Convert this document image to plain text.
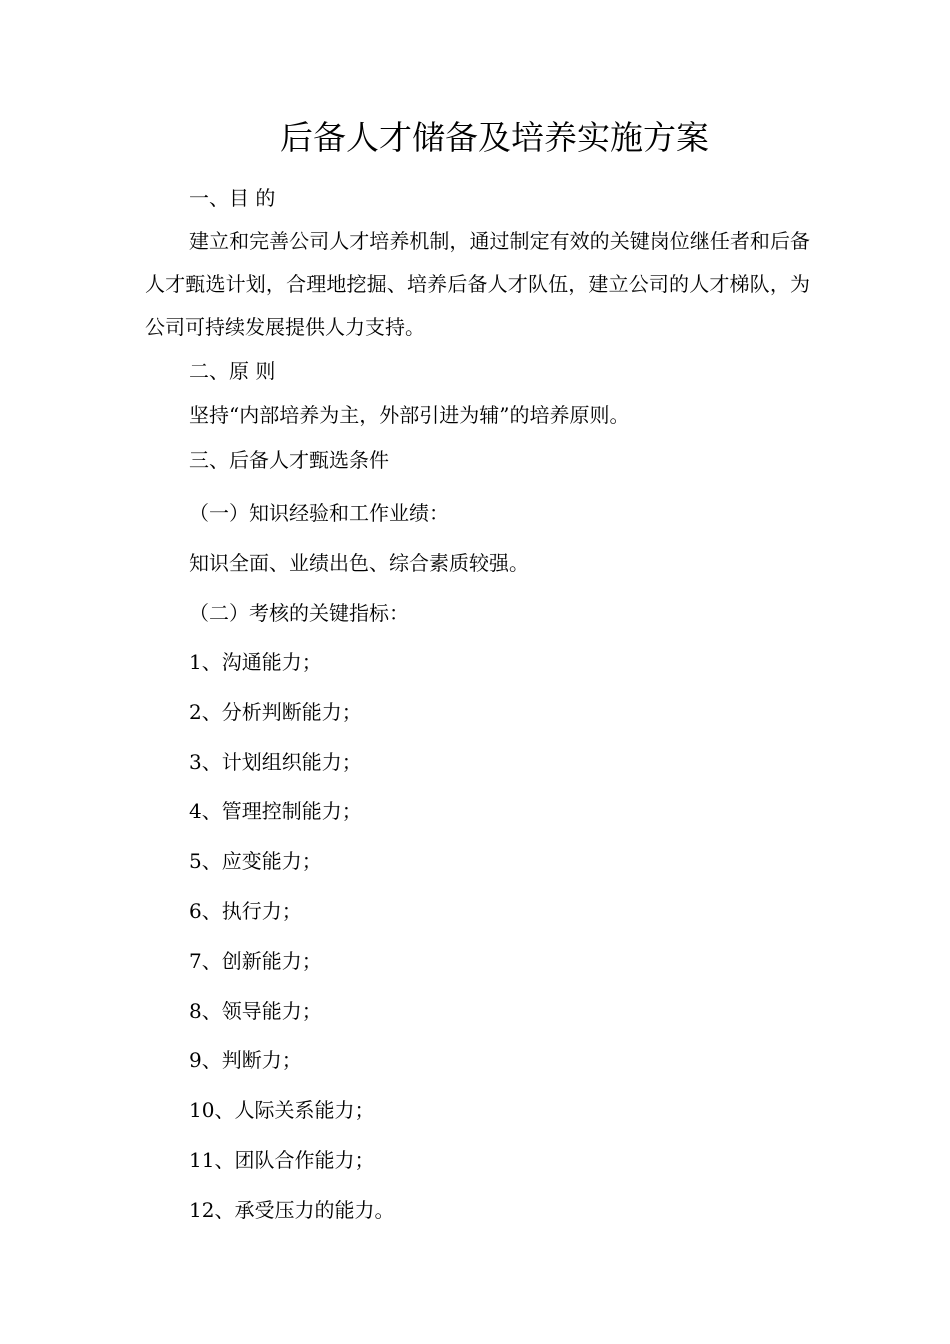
后备人才储备及培养实施方案
一、目 的
建立和完善公司人才培养机制，通过制定有效的关键岗位继任者和后备人才甄选计划，合理地挖掘、培养后备人才队伍，建立公司的人才梯队，为公司可持续发展提供人力支持。
二、原 则
坚持“内部培养为主，外部引进为辅”的培养原则。
三、后备人才甄选条件
（一）知识经验和工作业绩：
知识全面、业绩出色、综合素质较强。
（二）考核的关键指标：
1、沟通能力；
2、分析判断能力；
3、计划组织能力；
4、管理控制能力；
5、应变能力；
6、执行力；
7、创新能力；
8、领导能力；
9、判断力；
10、人际关系能力；
11、团队合作能力；
12、承受压力的能力。
